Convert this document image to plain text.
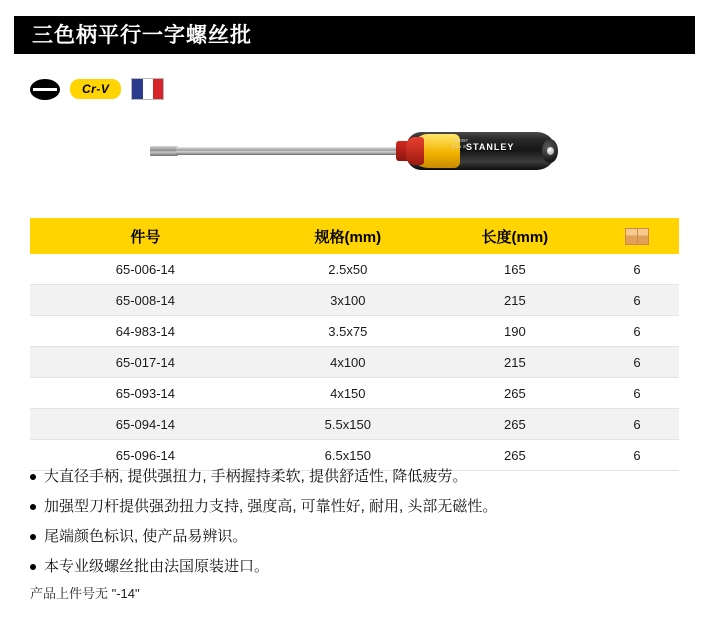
三色柄平行一字螺丝批
Cr-V
65-097
6.5 x 205
STANLEY
件号	规格(mm)	长度(mm)	
65-006-14	2.5x50	165	6
65-008-14	3x100	215	6
64-983-14	3.5x75	190	6
65-017-14	4x100	215	6
65-093-14	4x150	265	6
65-094-14	5.5x150	265	6
65-096-14	6.5x150	265	6
大直径手柄, 提供强扭力, 手柄握持柔软, 提供舒适性, 降低疲劳。
加强型刀杆提供强劲扭力支持, 强度高, 可靠性好, 耐用, 头部无磁性。
尾端颜色标识, 使产品易辨识。
本专业级螺丝批由法国原装进口。
产品上件号无 "-14"
